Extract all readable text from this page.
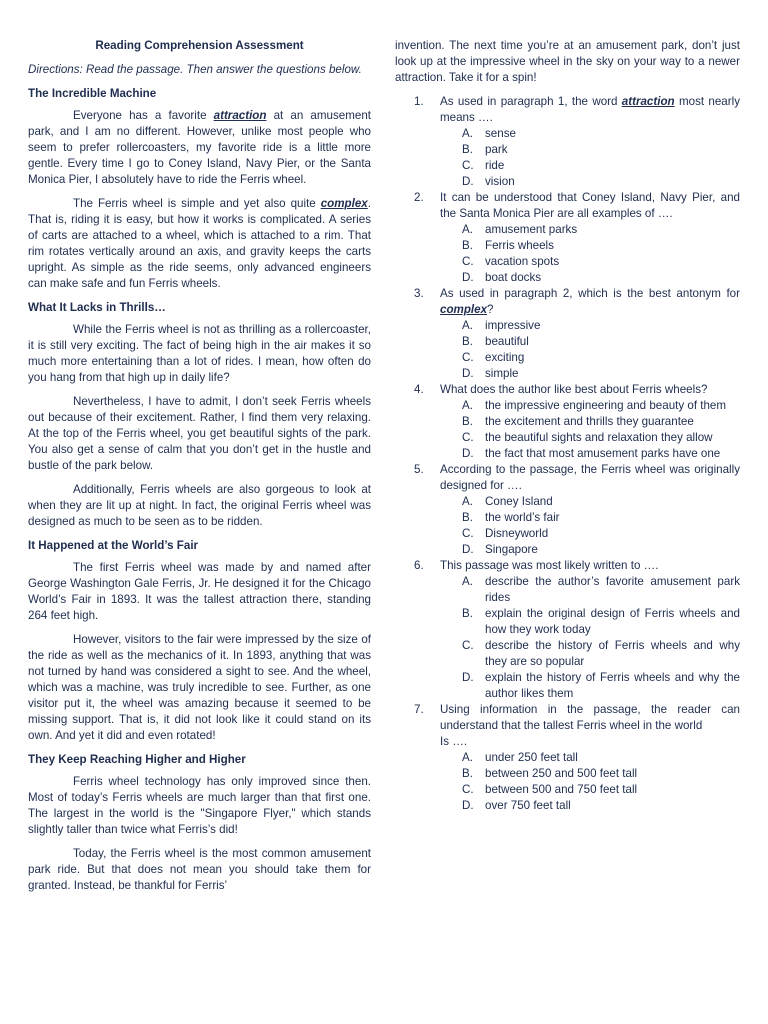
Reading Comprehension Assessment
Directions: Read the passage. Then answer the questions below.
The Incredible Machine

Everyone has a favorite attraction at an amusement park, and I am no different. However, unlike most people who seem to prefer rollercoasters, my favorite ride is a little more gentle. Every time I go to Coney Island, Navy Pier, or the Santa Monica Pier, I absolutely have to ride the Ferris wheel.

The Ferris wheel is simple and yet also quite complex. That is, riding it is easy, but how it works is complicated. A series of carts are attached to a wheel, which is attached to a rim. That rim rotates vertically around an axis, and gravity keeps the carts upright. As simple as the ride seems, only advanced engineers can make safe and fun Ferris wheels.

What It Lacks in Thrills…

While the Ferris wheel is not as thrilling as a rollercoaster, it is still very exciting. The fact of being high in the air makes it so much more entertaining than a lot of rides. I mean, how often do you hang from that high up in daily life?

Nevertheless, I have to admit, I don’t seek Ferris wheels out because of their excitement. Rather, I find them very relaxing. At the top of the Ferris wheel, you get beautiful sights of the park. You also get a sense of calm that you don’t get in the hustle and bustle of the park below.

Additionally, Ferris wheels are also gorgeous to look at when they are lit up at night. In fact, the original Ferris wheel was designed as much to be seen as to be ridden.

It Happened at the World’s Fair

The first Ferris wheel was made by and named after George Washington Gale Ferris, Jr. He designed it for the Chicago World’s Fair in 1893. It was the tallest attraction there, standing 264 feet high.

However, visitors to the fair were impressed by the size of the ride as well as the mechanics of it. In 1893, anything that was not turned by hand was considered a sight to see. And the wheel, which was a machine, was truly incredible to see. Further, as one visitor put it, the wheel was amazing because it seemed to be missing support. That is, it did not look like it could stand on its own. And yet it did and even rotated!

They Keep Reaching Higher and Higher

Ferris wheel technology has only improved since then. Most of today’s Ferris wheels are much larger than that first one. The largest in the world is the "Singapore Flyer," which stands slightly taller than twice what Ferris’s did!

Today, the Ferris wheel is the most common amusement park ride. But that does not mean you should take them for granted. Instead, be thankful for Ferris’

invention. The next time you’re at an amusement park, don’t just look up at the impressive wheel in the sky on your way to a newer attraction. Take it for a spin!

1. As used in paragraph 1, the word attraction most nearly means ….
A. sense
B. park
C. ride
D. vision
2. It can be understood that Coney Island, Navy Pier, and the Santa Monica Pier are all examples of ….
A. amusement parks
B. Ferris wheels
C. vacation spots
D. boat docks
3. As used in paragraph 2, which is the best antonym for complex?
A. impressive
B. beautiful
C. exciting
D. simple
4. What does the author like best about Ferris wheels?
A. the impressive engineering and beauty of them
B. the excitement and thrills they guarantee
C. the beautiful sights and relaxation they allow
D. the fact that most amusement parks have one
5. According to the passage, the Ferris wheel was originally designed for ….
A. Coney Island
B. the world’s fair
C. Disneyworld
D. Singapore
6. This passage was most likely written to ….
A. describe the author’s favorite amusement park rides
B. explain the original design of Ferris wheels and how they work today
C. describe the history of Ferris wheels and why they are so popular
D. explain the history of Ferris wheels and why the author likes them
7. Using information in the passage, the reader can understand that the tallest Ferris wheel in the world
Is ….
A. under 250 feet tall
B. between 250 and 500 feet tall
C. between 500 and 750 feet tall
D. over 750 feet tall
